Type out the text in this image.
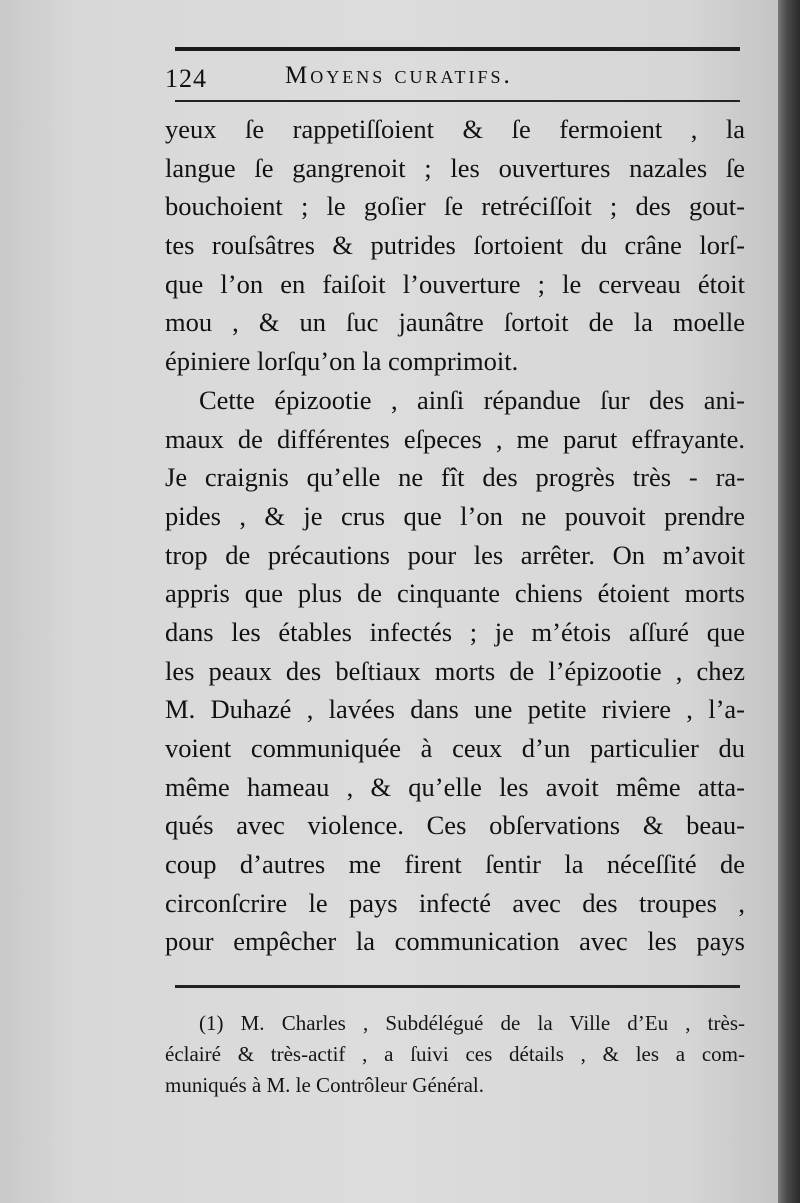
124	Moyens curatifs.
yeux ſe rappetiſſoient & ſe fermoient , la
langue ſe gangrenoit ; les ouvertures nazales ſe
bouchoient ; le goſier ſe retréciſſoit ; des gout-
tes rouſsâtres & putrides ſortoient du crâne lorſ-
que l’on en faiſoit l’ouverture ; le cerveau étoit
mou , & un ſuc jaunâtre ſortoit de la moelle
épiniere lorſqu’on la comprimoit.
Cette épizootie , ainſi répandue ſur des ani-
maux de différentes eſpeces , me parut effrayante.
Je craignis qu’elle ne fît des progrès très - ra-
pides , & je crus que l’on ne pouvoit prendre
trop de précautions pour les arrêter. On m’avoit
appris que plus de cinquante chiens étoient morts
dans les étables infectés ; je m’étois aſſuré que
les peaux des beſtiaux morts de l’épizootie , chez
M. Duhazé , lavées dans une petite riviere , l’a-
voient communiquée à ceux d’un particulier du
même hameau , & qu’elle les avoit même atta-
qués avec violence. Ces obſervations & beau-
coup d’autres me firent ſentir la néceſſité de
circonſcrire le pays infecté avec des troupes ,
pour empêcher la communication avec les pays
(1) M. Charles , Subdélégué de la Ville d’Eu , très-
éclairé & très-actif , a ſuivi ces détails , & les a com-
muniqués à M. le Contrôleur Général.
